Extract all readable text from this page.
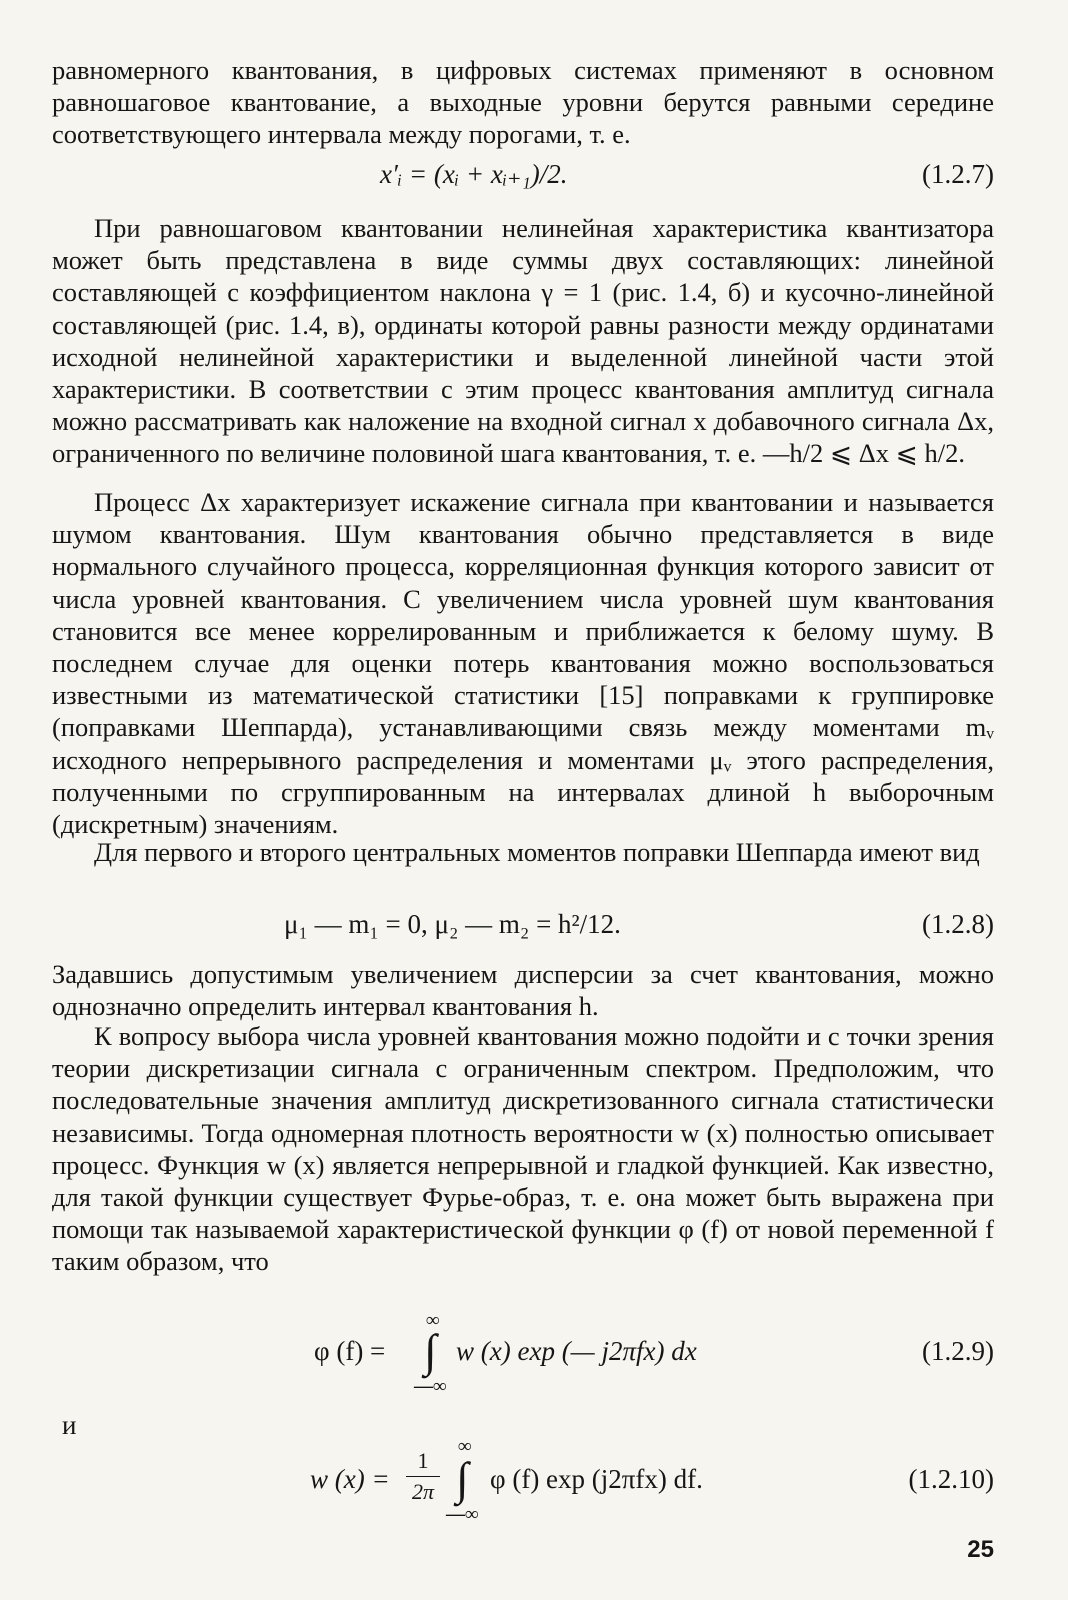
равномерного квантования, в цифровых системах применяют в основном равношаговое квантование, а выходные уровни берутся равными середине соответствующего интервала между порогами, т. е.

x′ᵢ = (xᵢ + xᵢ₊₁)/2.	(1.2.7)

При равношаговом квантовании нелинейная характеристика квантизатора может быть представлена в виде суммы двух составляющих: линейной составляющей с коэффициентом наклона γ = 1 (рис. 1.4, б) и кусочно-линейной составляющей (рис. 1.4, в), ординаты которой равны разности между ординатами исходной нелинейной характеристики и выделенной линейной части этой характеристики. В соответствии с этим процесс квантования амплитуд сигнала можно рассматривать как наложение на входной сигнал x добавочного сигнала Δx, ограниченного по величине половиной шага квантования, т. е. —h/2 ⩽ Δx ⩽ h/2.

Процесс Δx характеризует искажение сигнала при квантовании и называется шумом квантования. Шум квантования обычно представляется в виде нормального случайного процесса, корреляционная функция которого зависит от числа уровней квантования. С увеличением числа уровней шум квантования становится все менее коррелированным и приближается к белому шуму. В последнем случае для оценки потерь квантования можно воспользоваться известными из математической статистики [15] поправками к группировке (поправками Шеппарда), устанавливающими связь между моментами mᵥ исходного непрерывного распределения и моментами μᵥ этого распределения, полученными по сгруппированным на интервалах длиной h выборочным (дискретным) значениям.

Для первого и второго центральных моментов поправки Шеппарда имеют вид

μ₁ — m₁ = 0, μ₂ — m₂ = h²/12.	(1.2.8)

Задавшись допустимым увеличением дисперсии за счет квантования, можно однозначно определить интервал квантования h.

К вопросу выбора числа уровней квантования можно подойти и с точки зрения теории дискретизации сигнала с ограниченным спектром. Предположим, что последовательные значения амплитуд дискретизованного сигнала статистически независимы. Тогда одномерная плотность вероятности w (x) полностью описывает процесс. Функция w (x) является непрерывной и гладкой функцией. Как известно, для такой функции существует Фурье-образ, т. е. она может быть выражена при помощи так называемой характеристической функции φ (f) от новой переменной f таким образом, что

φ (f) =
∞
∫
—∞
w (x) exp (— j2πfx) dx	(1.2.9)
и
w (x) =
1
2π
∞
∫
—∞
φ (f) exp (j2πfx) df.	(1.2.10)
25
